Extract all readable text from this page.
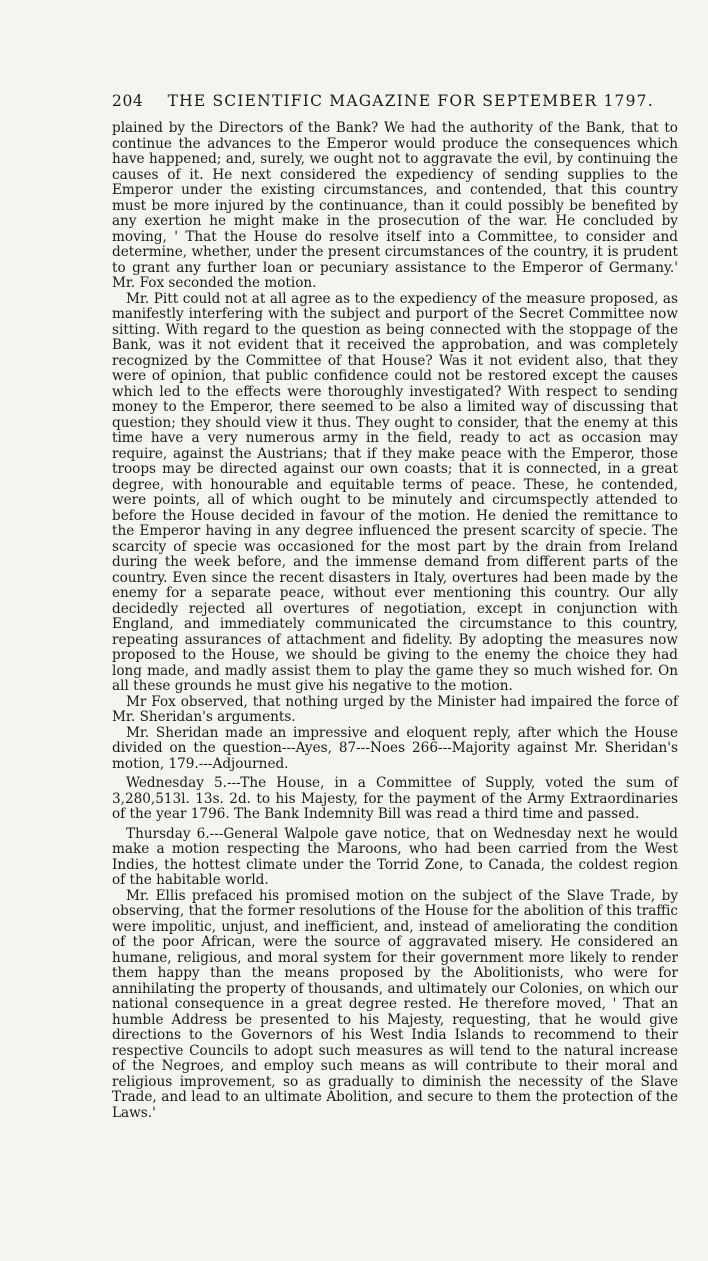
204	THE SCIENTIFIC MAGAZINE FOR SEPTEMBER 1797.

plained by the Directors of the Bank? We had the authority of the Bank, that to continue the advances to the Emperor would produce the consequences which have happened; and, surely, we ought not to aggravate the evil, by continuing the causes of it. He next considered the expediency of sending supplies to the Emperor under the existing circumstances, and contended, that this country must be more injured by the continuance, than it could possibly be benefited by any exertion he might make in the prosecution of the war. He concluded by moving, ' That the House do resolve itself into a Committee, to consider and determine, whether, under the present circumstances of the country, it is prudent to grant any further loan or pecuniary assistance to the Emperor of Germany.' Mr. Fox seconded the motion.

Mr. Pitt could not at all agree as to the expediency of the measure proposed, as manifestly interfering with the subject and purport of the Secret Committee now sitting. With regard to the question as being connected with the stoppage of the Bank, was it not evident that it received the approbation, and was completely recognized by the Committee of that House? Was it not evident also, that they were of opinion, that public confidence could not be restored except the causes which led to the effects were thoroughly investigated? With respect to sending money to the Emperor, there seemed to be also a limited way of discussing that question; they should view it thus. They ought to consider, that the enemy at this time have a very numerous army in the field, ready to act as occasion may require, against the Austrians; that if they make peace with the Emperor, those troops may be directed against our own coasts; that it is connected, in a great degree, with honourable and equitable terms of peace. These, he contended, were points, all of which ought to be minutely and circumspectly attended to before the House decided in favour of the motion. He denied the remittance to the Emperor having in any degree influenced the present scarcity of specie. The scarcity of specie was occasioned for the most part by the drain from Ireland during the week before, and the immense demand from different parts of the country. Even since the recent disasters in Italy, overtures had been made by the enemy for a separate peace, without ever mentioning this country. Our ally decidedly rejected all overtures of negotiation, except in conjunction with England, and immediately communicated the circumstance to this country, repeating assurances of attachment and fidelity. By adopting the measures now proposed to the House, we should be giving to the enemy the choice they had long made, and madly assist them to play the game they so much wished for. On all these grounds he must give his negative to the motion.

Mr Fox observed, that nothing urged by the Minister had impaired the force of Mr. Sheridan's arguments.

Mr. Sheridan made an impressive and eloquent reply, after which the House divided on the question---Ayes, 87---Noes 266---Majority against Mr. Sheridan's motion, 179.---Adjourned.

Wednesday 5.---The House, in a Committee of Supply, voted the sum of 3,280,513l. 13s. 2d. to his Majesty, for the payment of the Army Extraordinaries of the year 1796. The Bank Indemnity Bill was read a third time and passed.

Thursday 6.---General Walpole gave notice, that on Wednesday next he would make a motion respecting the Maroons, who had been carried from the West Indies, the hottest climate under the Torrid Zone, to Canada, the coldest region of the habitable world.

Mr. Ellis prefaced his promised motion on the subject of the Slave Trade, by observing, that the former resolutions of the House for the abolition of this traffic were impolitic, unjust, and inefficient, and, instead of ameliorating the condition of the poor African, were the source of aggravated misery. He considered an humane, religious, and moral system for their government more likely to render them happy than the means proposed by the Abolitionists, who were for annihilating the property of thousands, and ultimately our Colonies, on which our national consequence in a great degree rested. He therefore moved, ' That an humble Address be presented to his Majesty, requesting, that he would give directions to the Governors of his West India Islands to recommend to their respective Councils to adopt such measures as will tend to the natural increase of the Negroes, and employ such means as will contribute to their moral and religious improvement, so as gradually to diminish the necessity of the Slave Trade, and lead to an ultimate Abolition, and secure to them the protection of the Laws.'
